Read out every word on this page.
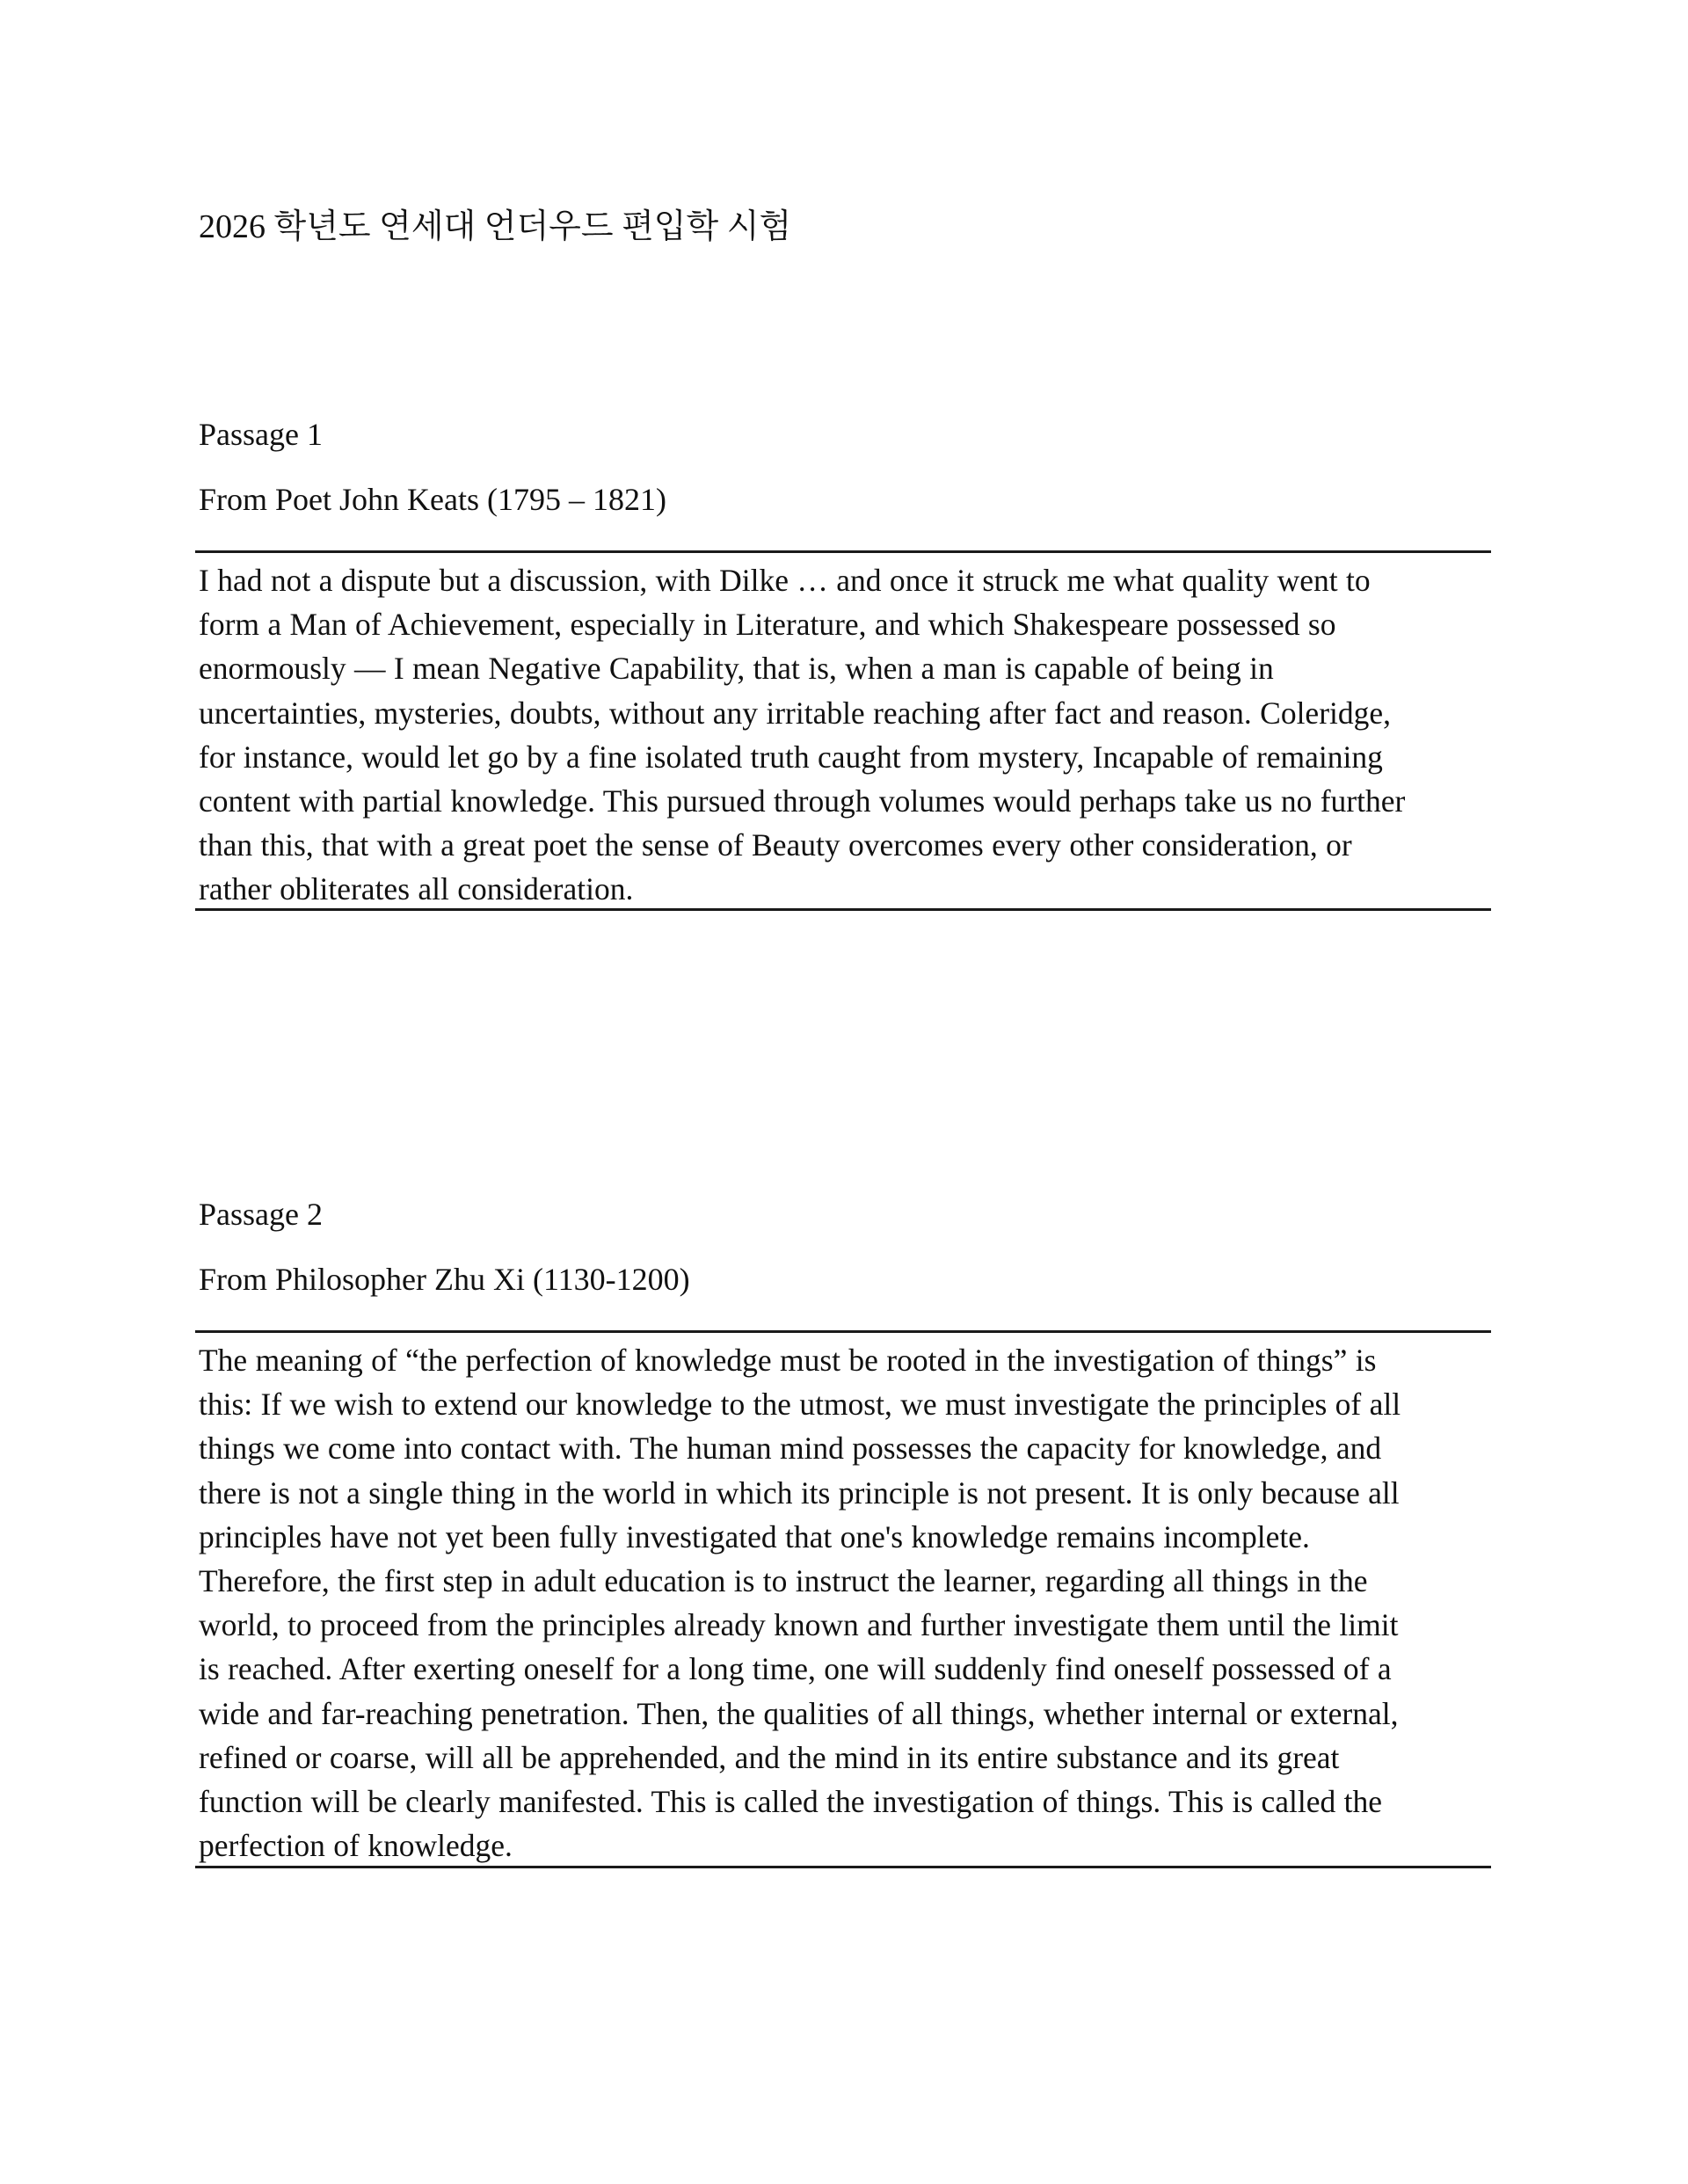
2026 학년도 연세대 언더우드 편입학 시험
Passage 1
From Poet John Keats (1795 – 1821)

I had not a dispute but a discussion, with Dilke … and once it struck me what quality went to
form a Man of Achievement, especially in Literature, and which Shakespeare possessed so
enormously — I mean Negative Capability, that is, when a man is capable of being in
uncertainties, mysteries, doubts, without any irritable reaching after fact and reason. Coleridge,
for instance, would let go by a fine isolated truth caught from mystery, Incapable of remaining
content with partial knowledge. This pursued through volumes would perhaps take us no further
than this, that with a great poet the sense of Beauty overcomes every other consideration, or
rather obliterates all consideration.

Passage 2
From Philosopher Zhu Xi (1130-1200)

The meaning of “the perfection of knowledge must be rooted in the investigation of things” is
this: If we wish to extend our knowledge to the utmost, we must investigate the principles of all
things we come into contact with. The human mind possesses the capacity for knowledge, and
there is not a single thing in the world in which its principle is not present. It is only because all
principles have not yet been fully investigated that one's knowledge remains incomplete.
Therefore, the first step in adult education is to instruct the learner, regarding all things in the
world, to proceed from the principles already known and further investigate them until the limit
is reached. After exerting oneself for a long time, one will suddenly find oneself possessed of a
wide and far-reaching penetration. Then, the qualities of all things, whether internal or external,
refined or coarse, will all be apprehended, and the mind in its entire substance and its great
function will be clearly manifested. This is called the investigation of things. This is called the
perfection of knowledge.
